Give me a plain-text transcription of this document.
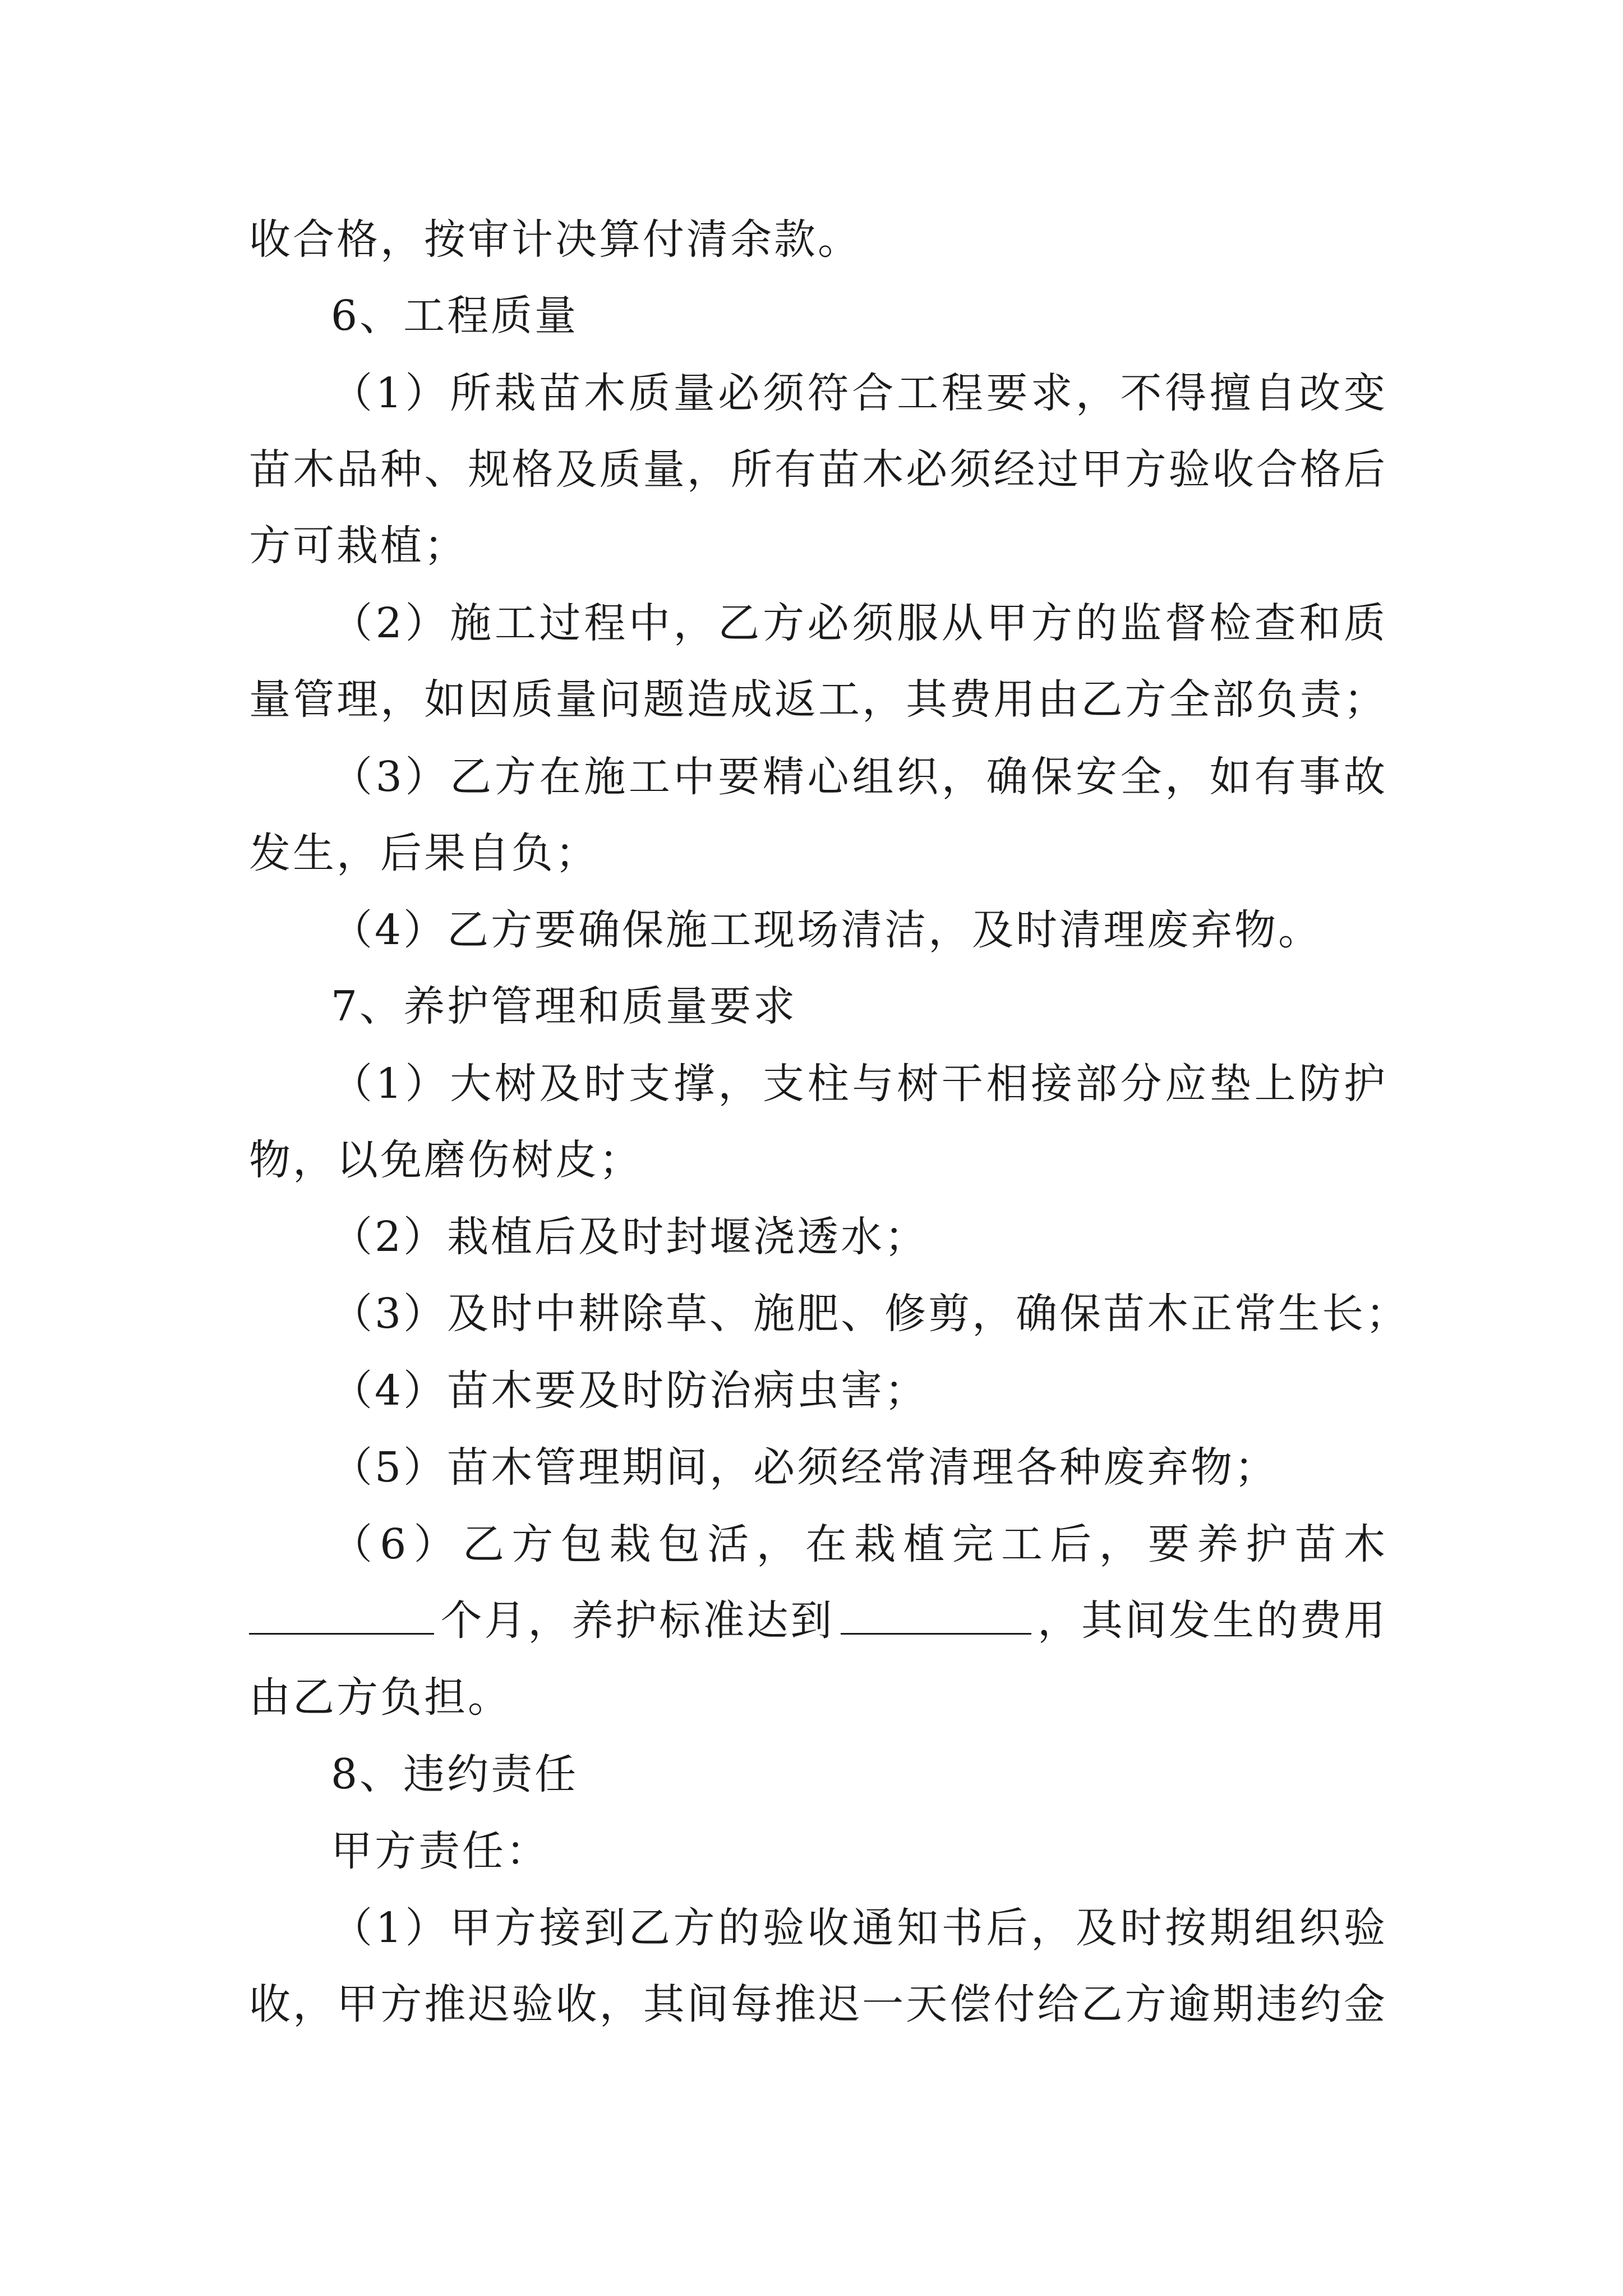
收合格，按审计决算付清余款。
6、工程质量
（1）所栽苗木质量必须符合工程要求，不得擅自改变
苗木品种、规格及质量，所有苗木必须经过甲方验收合格后
方可栽植；
（2）施工过程中，乙方必须服从甲方的监督检查和质
量管理，如因质量问题造成返工，其费用由乙方全部负责；
（3）乙方在施工中要精心组织，确保安全，如有事故
发生，后果自负；
（4）乙方要确保施工现场清洁，及时清理废弃物。
7、养护管理和质量要求
（1）大树及时支撑，支柱与树干相接部分应垫上防护
物，以免磨伤树皮；
（2）栽植后及时封堰浇透水；
（3）及时中耕除草、施肥、修剪，确保苗木正常生长；
（4）苗木要及时防治病虫害；
（5）苗木管理期间，必须经常清理各种废弃物；
（6）乙方包栽包活，在栽植完工后，要养护苗木
个月，养护标准达到	，其间发生的费用
由乙方负担。
8、违约责任
甲方责任：
（1）甲方接到乙方的验收通知书后，及时按期组织验
收，甲方推迟验收，其间每推迟一天偿付给乙方逾期违约金
